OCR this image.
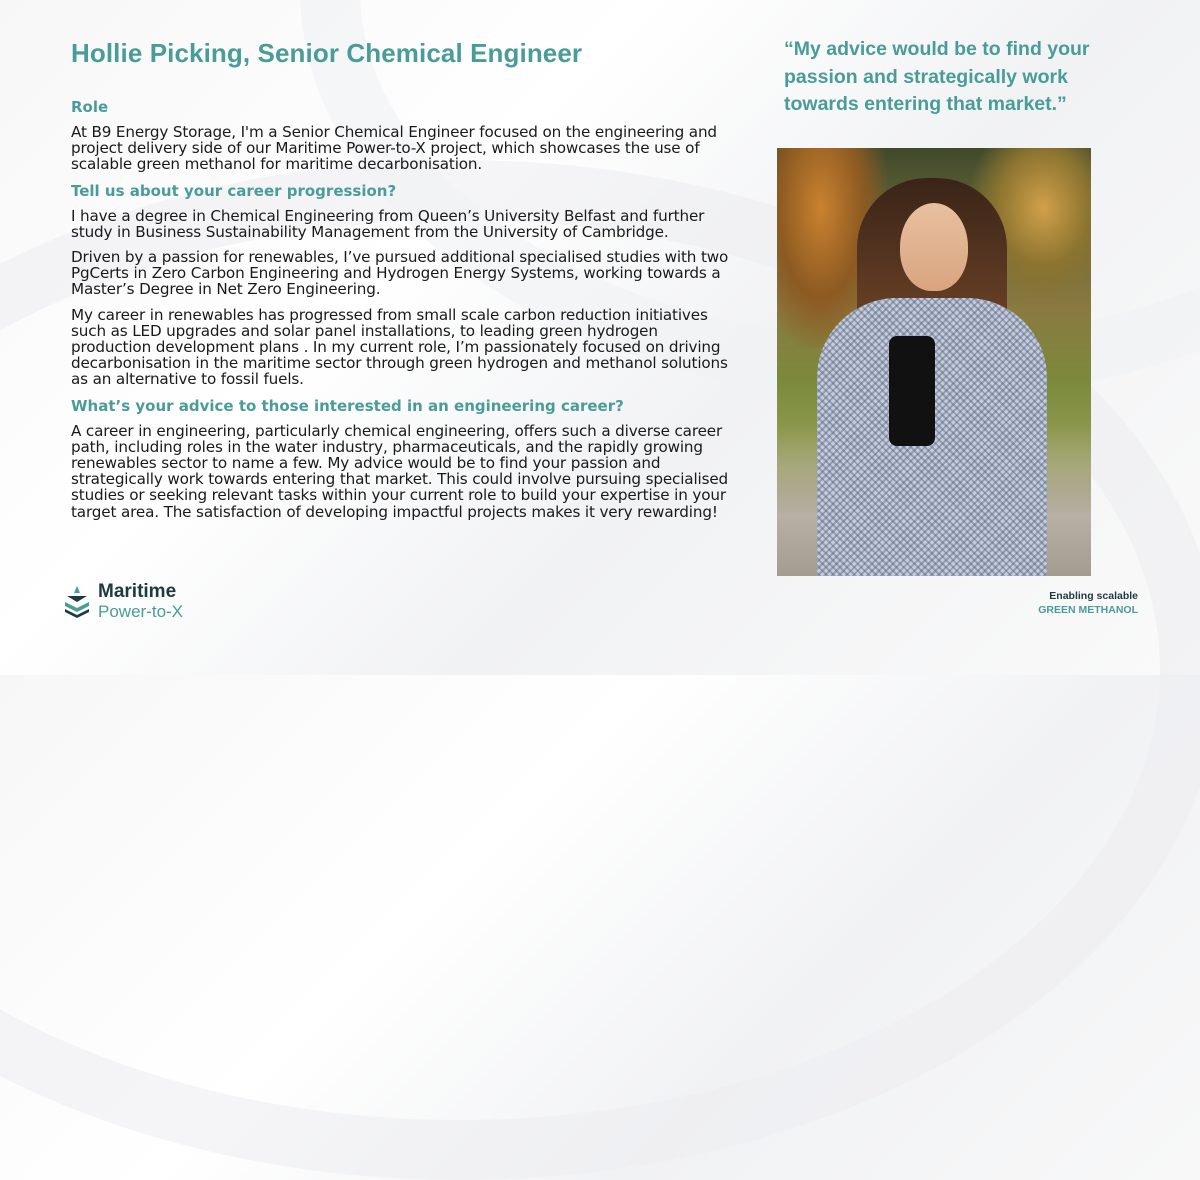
Hollie Picking, Senior Chemical Engineer
Role

At B9 Energy Storage, I'm a Senior Chemical Engineer focused on the engineering and project delivery side of our Maritime Power-to-X project, which showcases the use of scalable green methanol for maritime decarbonisation.

Tell us about your career progression?

I have a degree in Chemical Engineering from Queen’s University Belfast and further study in Business Sustainability Management from the University of Cambridge.

Driven by a passion for renewables, I’ve pursued additional specialised studies with two PgCerts in Zero Carbon Engineering and Hydrogen Energy Systems, working towards a Master’s Degree in Net Zero Engineering.

My career in renewables has progressed from small scale carbon reduction initiatives such as LED upgrades and solar panel installations, to leading green hydrogen production development plans . In my current role, I’m passionately focused on driving decarbonisation in the maritime sector through green hydrogen and methanol solutions as an alternative to fossil fuels.

What’s your advice to those interested in an engineering career?

A career in engineering, particularly chemical engineering, offers such a diverse career path, including roles in the water industry, pharmaceuticals, and the rapidly growing renewables sector to name a few. My advice would be to find your passion and strategically work towards entering that market. This could involve pursuing specialised studies or seeking relevant tasks within your current role to build your expertise in your target area. The satisfaction of developing impactful projects makes it very rewarding!

“My advice would be to find your passion and strategically work towards entering that market.”

Maritime
Power-to-X
Enabling scalable
GREEN METHANOL
